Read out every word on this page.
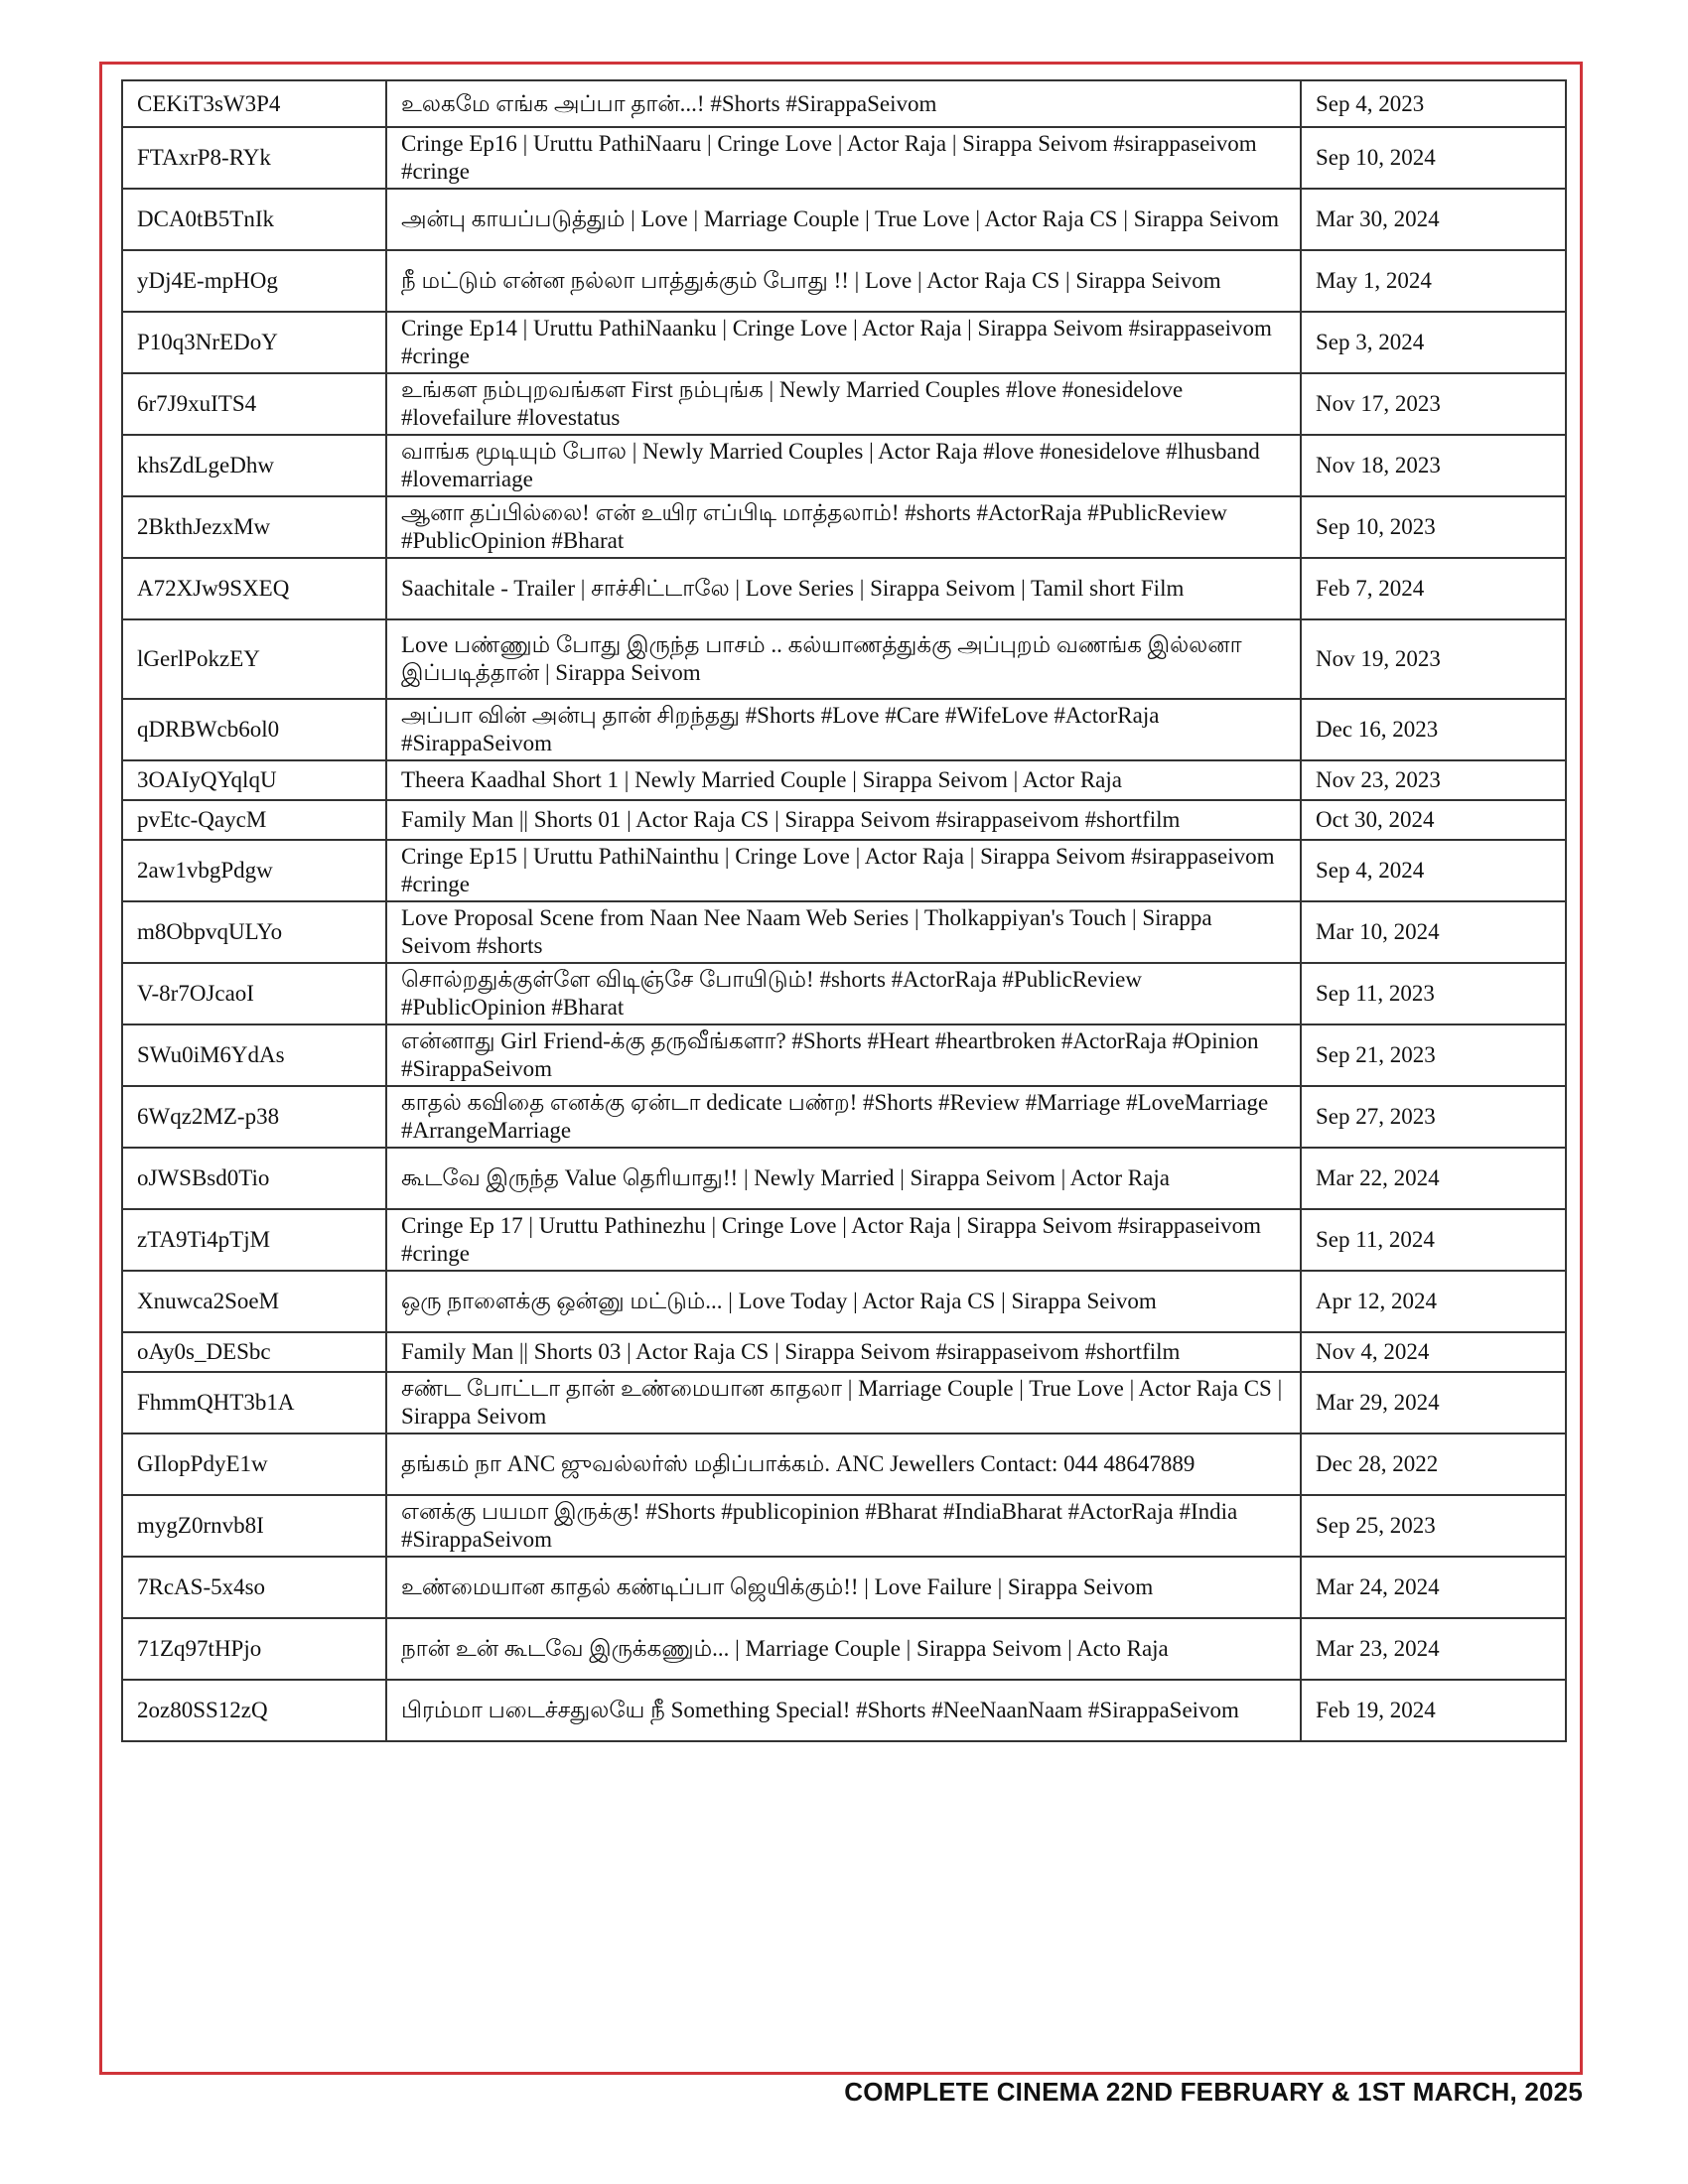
CEKiT3sW3P4	உலகமே எங்க அப்பா தான்...! #Shorts #SirappaSeivom	Sep 4, 2023
FTAxrP8-RYk	Cringe Ep16 | Uruttu PathiNaaru | Cringe Love | Actor Raja | Sirappa Seivom #sirappaseivom #cringe	Sep 10, 2024
DCA0tB5TnIk	அன்பு காயப்படுத்தும் | Love | Marriage Couple | True Love | Actor Raja CS | Sirappa Seivom	Mar 30, 2024
yDj4E-mpHOg	நீ மட்டும் என்ன நல்லா பாத்துக்கும் போது !! | Love | Actor Raja CS | Sirappa Seivom	May 1, 2024
P10q3NrEDoY	Cringe Ep14 | Uruttu PathiNaanku | Cringe Love | Actor Raja | Sirappa Seivom #sirappaseivom #cringe	Sep 3, 2024
6r7J9xuITS4	உங்கள நம்புறவங்கள First நம்புங்க | Newly Married Couples #love #onesidelove #lovefailure #lovestatus	Nov 17, 2023
khsZdLgeDhw	வாங்க மூடியும் போல | Newly Married Couples | Actor Raja #love #onesidelove #lhusband #lovemarriage	Nov 18, 2023
2BkthJezxMw	ஆனா தப்பில்லை! என் உயிர எப்பிடி மாத்தலாம்! #shorts #ActorRaja #PublicReview #PublicOpinion #Bharat	Sep 10, 2023
A72XJw9SXEQ	Saachitale - Trailer | சாச்சிட்டாலே | Love Series | Sirappa Seivom | Tamil short Film	Feb 7, 2024
lGerlPokzEY	Love பண்ணும் போது இருந்த பாசம் .. கல்யாணத்துக்கு அப்புறம் வணங்க இல்லனா இப்படித்தான் | Sirappa Seivom	Nov 19, 2023
qDRBWcb6ol0	அப்பா வின் அன்பு தான் சிறந்தது #Shorts #Love #Care #WifeLove #ActorRaja #SirappaSeivom	Dec 16, 2023
3OAIyQYqlqU	Theera Kaadhal Short 1 | Newly Married Couple | Sirappa Seivom | Actor Raja	Nov 23, 2023
pvEtc-QaycM	Family Man || Shorts 01 | Actor Raja CS | Sirappa Seivom #sirappaseivom #shortfilm	Oct 30, 2024
2aw1vbgPdgw	Cringe Ep15 | Uruttu PathiNainthu | Cringe Love | Actor Raja | Sirappa Seivom #sirappaseivom #cringe	Sep 4, 2024
m8ObpvqULYo	Love Proposal Scene from Naan Nee Naam Web Series | Tholkappiyan's Touch | Sirappa Seivom #shorts	Mar 10, 2024
V-8r7OJcaoI	சொல்றதுக்குள்ளே விடிஞ்சே போயிடும்! #shorts #ActorRaja #PublicReview #PublicOpinion #Bharat	Sep 11, 2023
SWu0iM6YdAs	என்னாது Girl Friend-க்கு தருவீங்களா? #Shorts #Heart #heartbroken #ActorRaja #Opinion #SirappaSeivom	Sep 21, 2023
6Wqz2MZ-p38	காதல் கவிதை எனக்கு ஏன்டா dedicate பண்ற! #Shorts #Review #Marriage #LoveMarriage #ArrangeMarriage	Sep 27, 2023
oJWSBsd0Tio	கூடவே இருந்த Value தெரியாது!! | Newly Married | Sirappa Seivom | Actor Raja	Mar 22, 2024
zTA9Ti4pTjM	Cringe Ep 17 | Uruttu Pathinezhu | Cringe Love | Actor Raja | Sirappa Seivom #sirappaseivom #cringe	Sep 11, 2024
Xnuwca2SoeM	ஒரு நாளைக்கு ஒன்னு மட்டும்... | Love Today | Actor Raja CS | Sirappa Seivom	Apr 12, 2024
oAy0s_DESbc	Family Man || Shorts 03 | Actor Raja CS | Sirappa Seivom #sirappaseivom #shortfilm	Nov 4, 2024
FhmmQHT3b1A	சண்ட போட்டா தான் உண்மையான காதலா | Marriage Couple | True Love | Actor Raja CS | Sirappa Seivom	Mar 29, 2024
GIlopPdyE1w	தங்கம் நா ANC ஜுவல்லர்ஸ் மதிப்பாக்கம். ANC Jewellers Contact: 044 48647889	Dec 28, 2022
mygZ0rnvb8I	எனக்கு பயமா இருக்கு! #Shorts #publicopinion #Bharat #IndiaBharat #ActorRaja #India #SirappaSeivom	Sep 25, 2023
7RcAS-5x4so	உண்மையான காதல் கண்டிப்பா ஜெயிக்கும்!! | Love Failure | Sirappa Seivom	Mar 24, 2024
71Zq97tHPjo	நான் உன் கூடவே இருக்கணும்... | Marriage Couple | Sirappa Seivom | Acto Raja	Mar 23, 2024
2oz80SS12zQ	பிரம்மா படைச்சதுலயே நீ Something Special! #Shorts #NeeNaanNaam #SirappaSeivom	Feb 19, 2024
COMPLETE CINEMA 22ND FEBRUARY & 1ST MARCH, 2025
